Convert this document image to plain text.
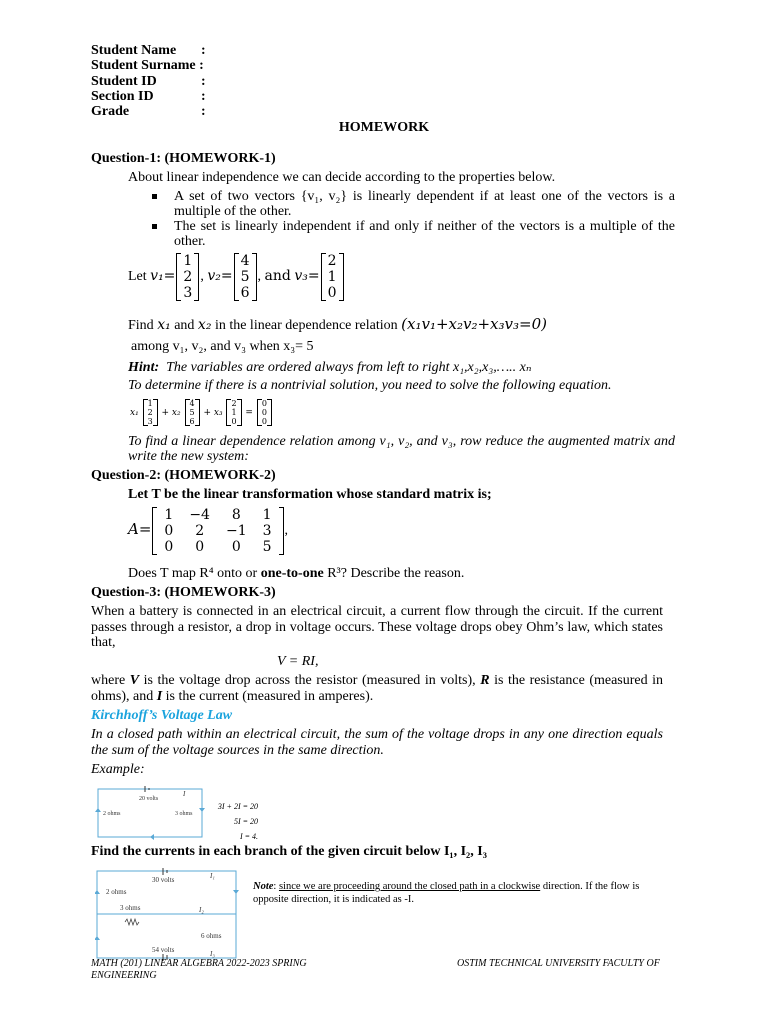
Student Name :
Student Surname :
Student ID	:
Section ID	:
Grade	:
HOMEWORK
Question-1: (HOMEWORK-1)
About linear independence we can decide according to the properties below.
A set of two vectors {v₁, v₂} is linearly dependent if at least one of the vectors is a multiple of the other.
The set is linearly independent if and only if neither of the vectors is a multiple of the other.
Let v₁=
1
2
3
, v₂=
4
5
6
, and v₃=
2
1
0
Find x₁ and x₂ in the linear dependence relation (x₁v₁+x₂v₂+x₃v₃=0)
among v₁, v₂, and v₃ when x₃= 5
Hint: The variables are ordered always from left to right x₁,x₂,x₃,….. xₙ
To determine if there is a nontrivial solution, you need to solve the following equation.
x₁
1
2
3
+ x₂
4
5
6
+ x₃
2
1
0
=
0
0
0
To find a linear dependence relation among v₁, v₂, and v₃, row reduce the augmented matrix and write the new system:
Question-2: (HOMEWORK-2)
Let T be the linear transformation whose standard matrix is;
A=
1	−4	8	1
0	2	−1	3
0	0	0	5
,
Does T map R⁴ onto or one-to-one R³? Describe the reason.
Question-3: (HOMEWORK-3)
When a battery is connected in an electrical circuit, a current flow through the circuit. If the current passes through a resistor, a drop in voltage occurs. These voltage drops obey Ohm’s law, which states that,
V = RI,
where V is the voltage drop across the resistor (measured in volts), R is the resistance (measured in ohms), and I is the current (measured in amperes).
Kirchhoff’s Voltage Law
In a closed path within an electrical circuit, the sum of the voltage drops in any one direction equals the sum of the voltage sources in the same direction.
Example:
20 volts
2 ohms	3 ohms
I
3I + 2I = 20
5I = 20
I = 4.
Find the currents in each branch of the given circuit below I₁, I₂, I₃
30 volts
2 ohms
3 ohms
6 ohms
54 volts
I₁
I₂
I₃
Note: since we are proceeding around the closed path in a clockwise direction. If the flow is opposite direction, it is indicated as -I.
MATH (201) LINEAR ALGEBRA 2022-2023 SPRING
ENGINEERING
OSTIM TECHNICAL UNIVERSITY FACULTY OF
